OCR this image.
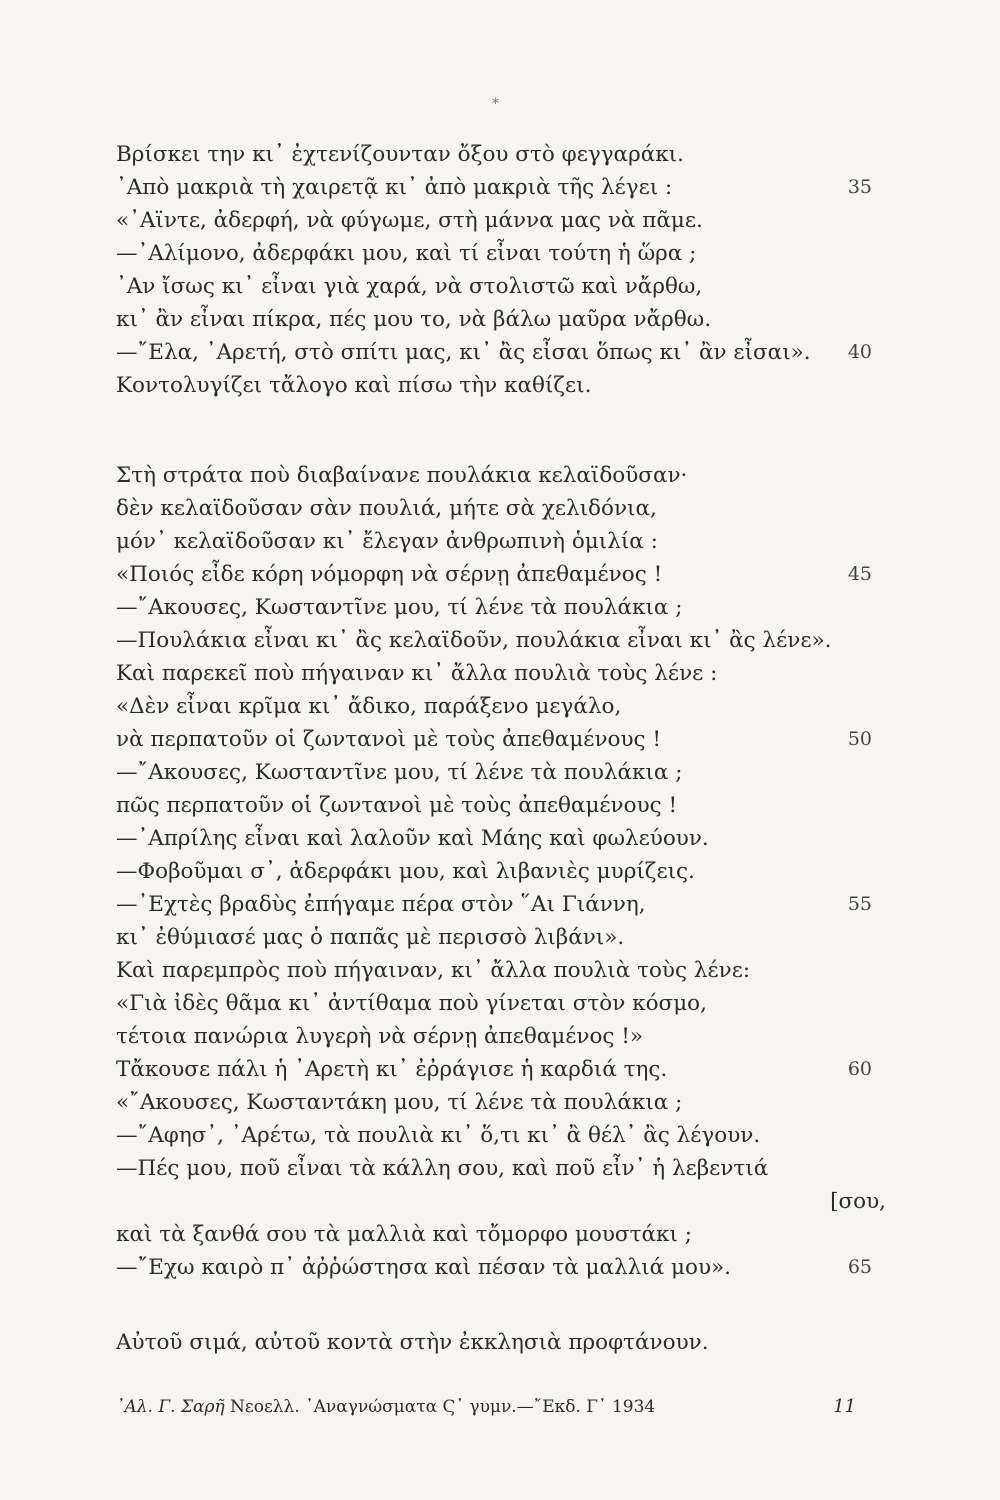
*
Βρίσκει την κι᾽ ἐχτενίζουνταν ὄξου στὸ φεγγαράκι.
᾽Απὸ μακριὰ τὴ χαιρετᾷ κι᾽ ἀπὸ μακριὰ τῆς λέγει :	35
«᾽Αϊντε, ἀδερφή, νὰ φύγωμε, στὴ μάννα μας νὰ πᾶμε.
—᾽Αλίμονο, ἀδερφάκι μου, καὶ τί εἶναι τούτη ἡ ὥρα ;
᾽Αν ἴσως κι᾽ εἶναι γιὰ χαρά, νὰ στολιστῶ καὶ νἄρθω,
κι᾽ ἂν εἶναι πίκρα, πές μου το, νὰ βάλω μαῦρα νἄρθω.
—῎Ελα, ᾽Αρετή, στὸ σπίτι μας, κι᾽ ἂς εἶσαι ὅπως κι᾽ ἂν εἶσαι». 40
Κοντολυγίζει τἄλογο καὶ πίσω τὴν καθίζει.
Στὴ στράτα ποὺ διαβαίνανε πουλάκια κελαϊδοῦσαν·
δὲν κελαϊδοῦσαν σὰν πουλιά, μήτε σὰ χελιδόνια,
μόν᾽ κελαϊδοῦσαν κι᾽ ἔλεγαν ἀνθρωπινὴ ὁμιλία :
«Ποιός εἶδε κόρη νόμορφη νὰ σέρνῃ ἀπεθαμένος !	45
—῎Ακουσες, Κωσταντῖνε μου, τί λένε τὰ πουλάκια ;
—Πουλάκια εἶναι κι᾽ ἂς κελαϊδοῦν, πουλάκια εἶναι κι᾽ ἂς λένε».
Καὶ παρεκεῖ ποὺ πήγαιναν κι᾽ ἄλλα πουλιὰ τοὺς λένε :
«Δὲν εἶναι κρῖμα κι᾽ ἄδικο, παράξενο μεγάλο,
νὰ περπατοῦν οἱ ζωντανοὶ μὲ τοὺς ἀπεθαμένους !	50
—῎Ακουσες, Κωσταντῖνε μου, τί λένε τὰ πουλάκια ;
πῶς περπατοῦν οἱ ζωντανοὶ μὲ τοὺς ἀπεθαμένους !
—᾽Απρίλης εἶναι καὶ λαλοῦν καὶ Μάης καὶ φωλεύουν.
—Φοβοῦμαι σ᾽, ἀδερφάκι μου, καὶ λιβανιὲς μυρίζεις.
—᾽Εχτὲς βραδὺς ἐπήγαμε πέρα στὸν ῞Αι Γιάννη,	55
κι᾽ ἐθύμιασέ μας ὁ παπᾶς μὲ περισσὸ λιβάνι».
Καὶ παρεμπρὸς ποὺ πήγαιναν, κι᾽ ἄλλα πουλιὰ τοὺς λένε:
«Γιὰ ἰδὲς θᾶμα κι᾽ ἀντίθαμα ποὺ γίνεται στὸν κόσμο,
τέτοια πανώρια λυγερὴ νὰ σέρνῃ ἀπεθαμένος !»
Τἄκουσε πάλι ἡ ᾽Αρετὴ κι᾽ ἐῤράγισε ἡ καρδιά της.	60
«῎Ακουσες, Κωσταντάκη μου, τί λένε τὰ πουλάκια ;
—῎Αφησ᾽, ᾽Αρέτω, τὰ πουλιὰ κι᾽ ὅ,τι κι᾽ ἂ θέλ᾽ ἂς λέγουν.
—Πές μου, ποῦ εἶναι τὰ κάλλη σου, καὶ ποῦ εἶν᾽ ἡ λεβεντιά
[σου,
καὶ τὰ ξανθά σου τὰ μαλλιὰ καὶ τὄμορφο μουστάκι ;
—῎Εχω καιρὸ π᾽ ἀῤῥώστησα καὶ πέσαν τὰ μαλλιά μου».	65
Αὐτοῦ σιμά, αὐτοῦ κοντὰ στὴν ἐκκλησιὰ προφτάνουν.
᾽Αλ. Γ. Σαρῆ Νεοελλ. ᾽Αναγνώσματα Ϛ᾽ γυμν.—῎Εκδ. Γ᾽ 1934	11
